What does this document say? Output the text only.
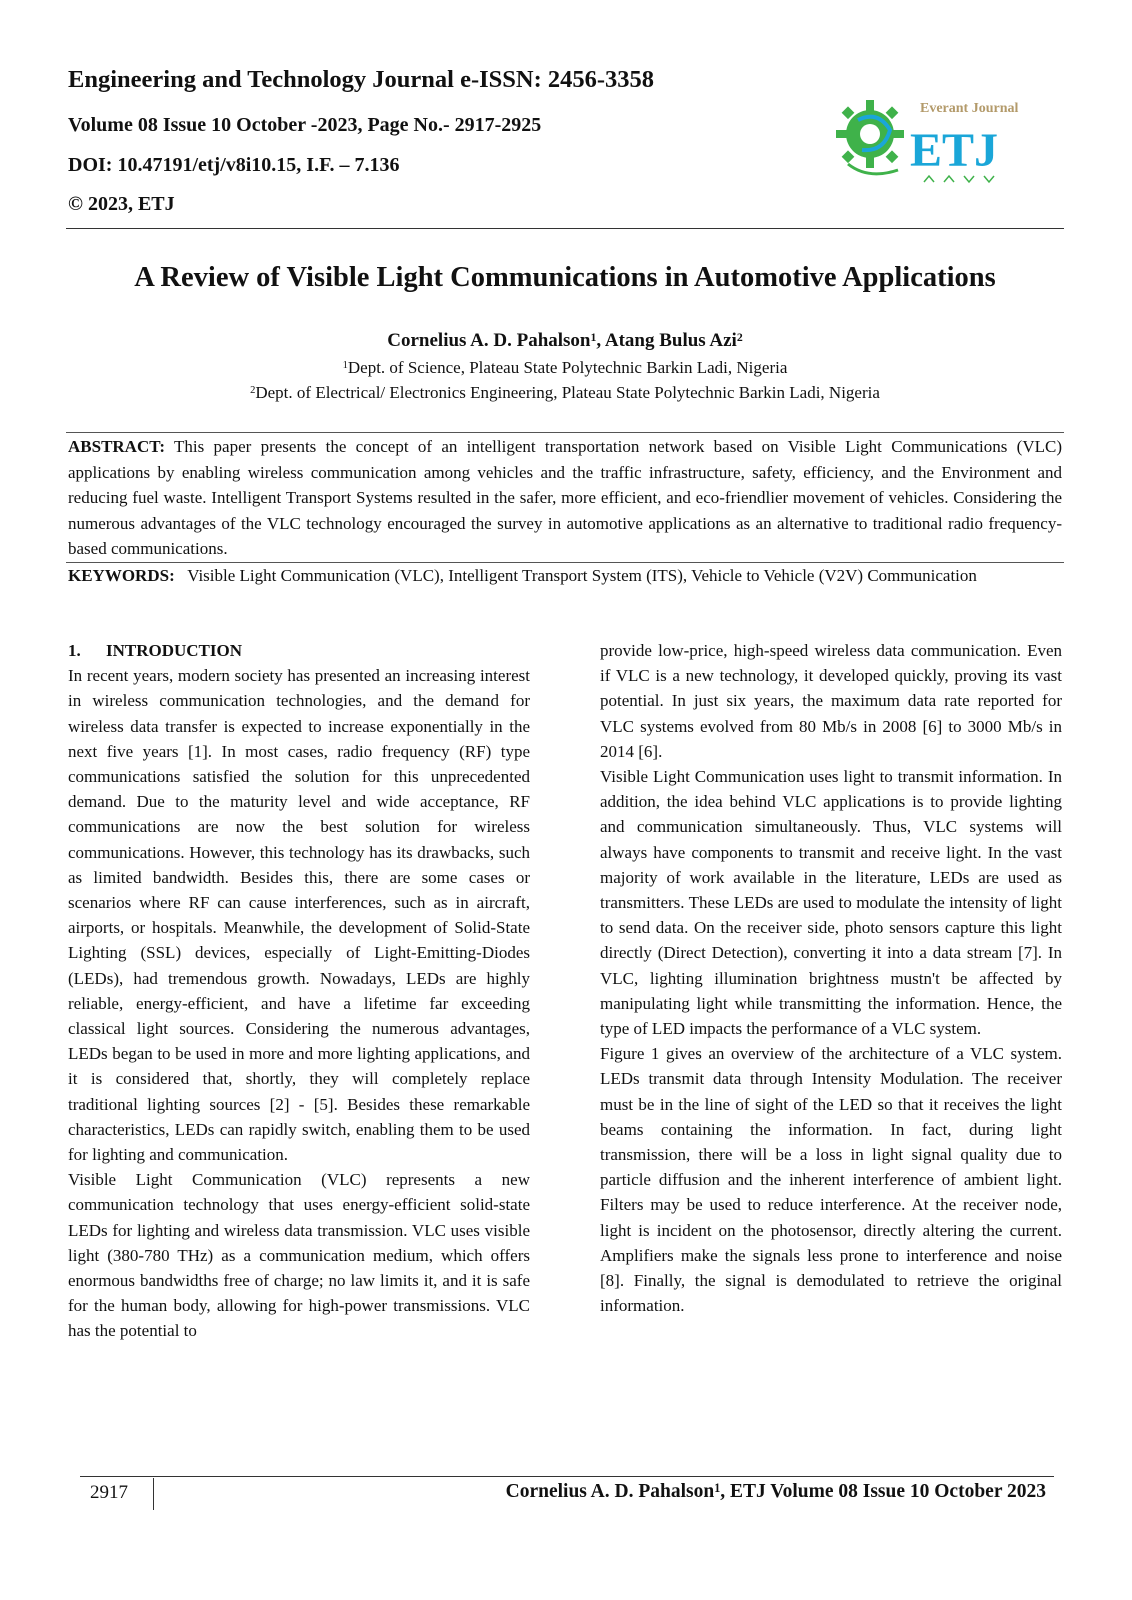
Engineering and Technology Journal e-ISSN: 2456-3358

Volume 08 Issue 10 October -2023, Page No.- 2917-2925

DOI: 10.47191/etj/v8i10.15, I.F. – 7.136

© 2023, ETJ

ETJ
Everant Journal
A Review of Visible Light Communications in Automotive Applications
Cornelius A. D. Pahalson$^1$, Atang Bulus Azi$^2$
$^1$Dept. of Science, Plateau State Polytechnic Barkin Ladi, Nigeria
$^2$Dept. of Electrical/ Electronics Engineering, Plateau State Polytechnic Barkin Ladi, Nigeria

ABSTRACT: This paper presents the concept of an intelligent transportation network based on Visible Light Communications (VLC) applications by enabling wireless communication among vehicles and the traffic infrastructure, safety, efficiency, and the Environment and reducing fuel waste. Intelligent Transport Systems resulted in the safer, more efficient, and eco-friendlier movement of vehicles. Considering the numerous advantages of the VLC technology encouraged the survey in automotive applications as an alternative to traditional radio frequency-based communications.

KEYWORDS: Visible Light Communication (VLC), Intelligent Transport System (ITS), Vehicle to Vehicle (V2V) Communication

1. INTRODUCTION

In recent years, modern society has presented an increasing interest in wireless communication technologies, and the demand for wireless data transfer is expected to increase exponentially in the next five years [1]. In most cases, radio frequency (RF) type communications satisfied the solution for this unprecedented demand. Due to the maturity level and wide acceptance, RF communications are now the best solution for wireless communications. However, this technology has its drawbacks, such as limited bandwidth. Besides this, there are some cases or scenarios where RF can cause interferences, such as in aircraft, airports, or hospitals. Meanwhile, the development of Solid-State Lighting (SSL) devices, especially of Light-Emitting-Diodes (LEDs), had tremendous growth. Nowadays, LEDs are highly reliable, energy-efficient, and have a lifetime far exceeding classical light sources. Considering the numerous advantages, LEDs began to be used in more and more lighting applications, and it is considered that, shortly, they will completely replace traditional lighting sources [2] - [5]. Besides these remarkable characteristics, LEDs can rapidly switch, enabling them to be used for lighting and communication.

Visible Light Communication (VLC) represents a new communication technology that uses energy-efficient solid-state LEDs for lighting and wireless data transmission. VLC uses visible light (380-780 THz) as a communication medium, which offers enormous bandwidths free of charge; no law limits it, and it is safe for the human body, allowing for high-power transmissions. VLC has the potential to

provide low-price, high-speed wireless data communication. Even if VLC is a new technology, it developed quickly, proving its vast potential. In just six years, the maximum data rate reported for VLC systems evolved from 80 Mb/s in 2008 [6] to 3000 Mb/s in 2014 [6].

Visible Light Communication uses light to transmit information. In addition, the idea behind VLC applications is to provide lighting and communication simultaneously. Thus, VLC systems will always have components to transmit and receive light. In the vast majority of work available in the literature, LEDs are used as transmitters. These LEDs are used to modulate the intensity of light to send data. On the receiver side, photo sensors capture this light directly (Direct Detection), converting it into a data stream [7]. In VLC, lighting illumination brightness mustn't be affected by manipulating light while transmitting the information. Hence, the type of LED impacts the performance of a VLC system.

Figure 1 gives an overview of the architecture of a VLC system. LEDs transmit data through Intensity Modulation. The receiver must be in the line of sight of the LED so that it receives the light beams containing the information. In fact, during light transmission, there will be a loss in light signal quality due to particle diffusion and the inherent interference of ambient light. Filters may be used to reduce interference. At the receiver node, light is incident on the photosensor, directly altering the current. Amplifiers make the signals less prone to interference and noise [8]. Finally, the signal is demodulated to retrieve the original information.

2917	Cornelius A. D. Pahalson$^1$, ETJ Volume 08 Issue 10 October 2023
